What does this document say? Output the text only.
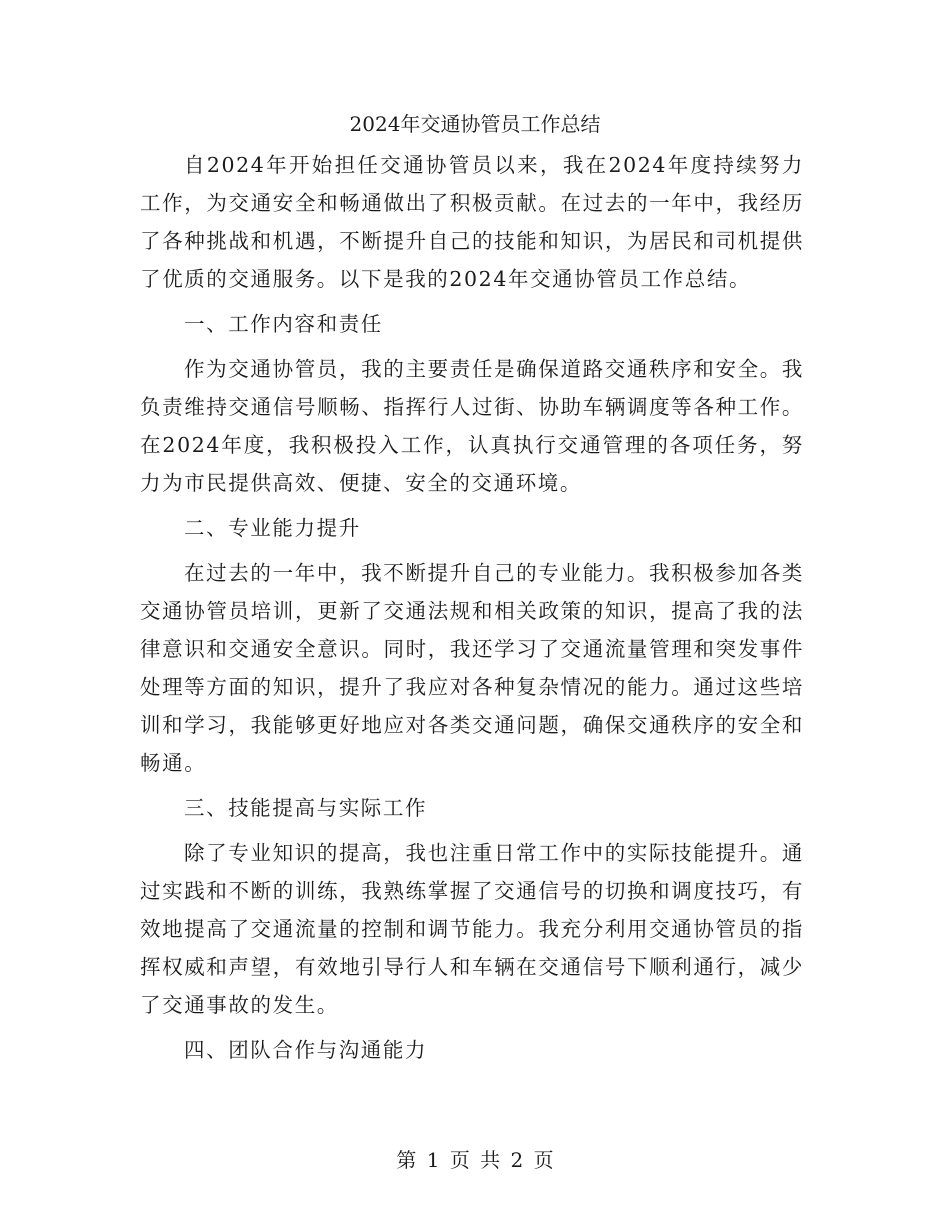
2024年交通协管员工作总结

自2024年开始担任交通协管员以来，我在2024年度持续努力工作，为交通安全和畅通做出了积极贡献。在过去的一年中，我经历了各种挑战和机遇，不断提升自己的技能和知识，为居民和司机提供了优质的交通服务。以下是我的2024年交通协管员工作总结。

一、工作内容和责任

作为交通协管员，我的主要责任是确保道路交通秩序和安全。我负责维持交通信号顺畅、指挥行人过街、协助车辆调度等各种工作。在2024年度，我积极投入工作，认真执行交通管理的各项任务，努力为市民提供高效、便捷、安全的交通环境。

二、专业能力提升

在过去的一年中，我不断提升自己的专业能力。我积极参加各类交通协管员培训，更新了交通法规和相关政策的知识，提高了我的法律意识和交通安全意识。同时，我还学习了交通流量管理和突发事件处理等方面的知识，提升了我应对各种复杂情况的能力。通过这些培训和学习，我能够更好地应对各类交通问题，确保交通秩序的安全和畅通。

三、技能提高与实际工作

除了专业知识的提高，我也注重日常工作中的实际技能提升。通过实践和不断的训练，我熟练掌握了交通信号的切换和调度技巧，有效地提高了交通流量的控制和调节能力。我充分利用交通协管员的指挥权威和声望，有效地引导行人和车辆在交通信号下顺利通行，减少了交通事故的发生。

四、团队合作与沟通能力

第 1 页 共 2 页
